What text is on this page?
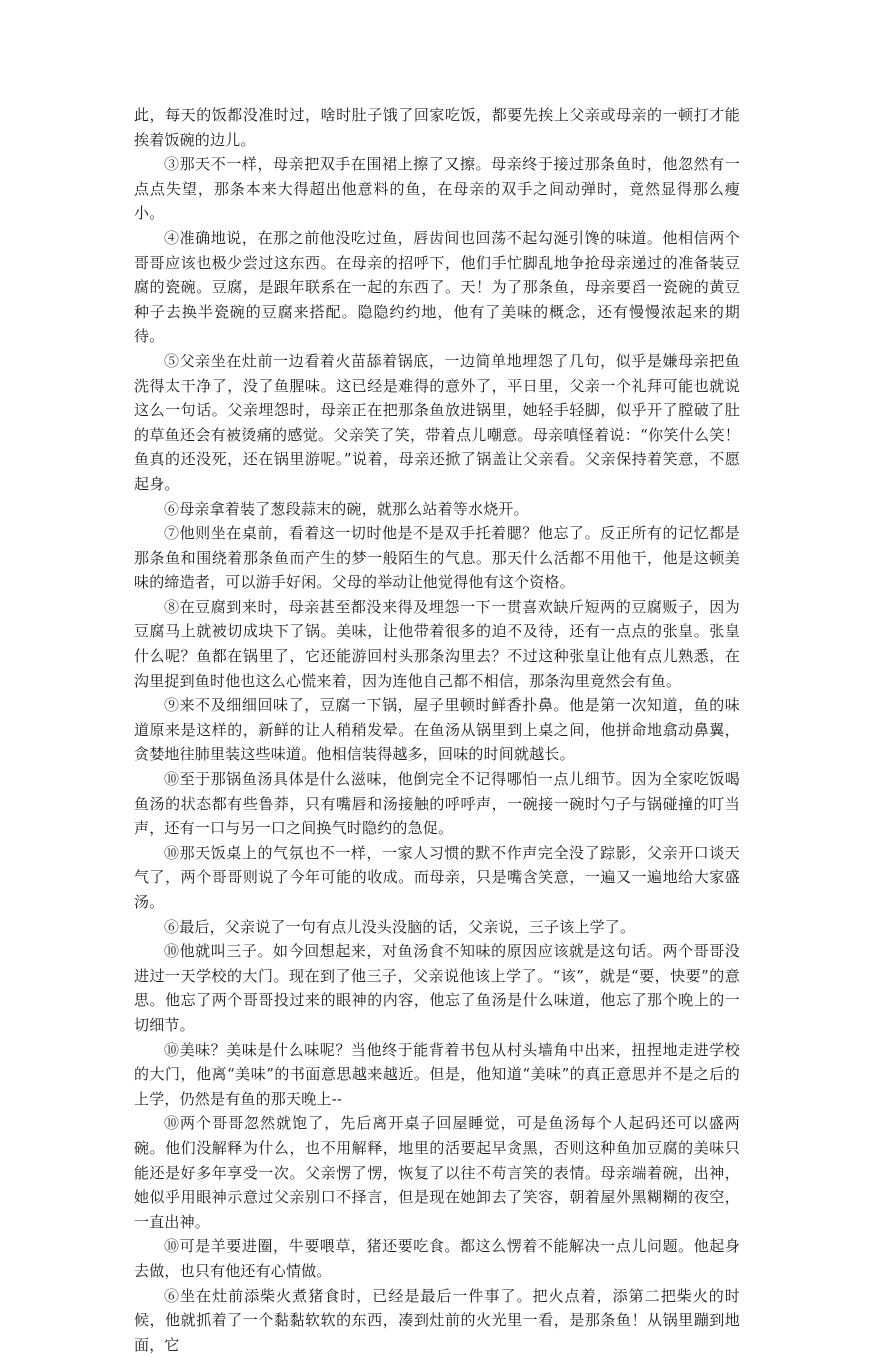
此，每天的饭都没准时过，啥时肚子饿了回家吃饭，都要先挨上父亲或母亲的一顿打才能挨着饭碗的边儿。

③那天不一样，母亲把双手在围裙上擦了又擦。母亲终于接过那条鱼时，他忽然有一点点失望，那条本来大得超出他意料的鱼，在母亲的双手之间动弹时，竟然显得那么瘦小。

④准确地说，在那之前他没吃过鱼，唇齿间也回荡不起勾涎引馋的味道。他相信两个哥哥应该也极少尝过这东西。在母亲的招呼下，他们手忙脚乱地争抢母亲递过的准备装豆腐的瓷碗。豆腐，是跟年联系在一起的东西了。天！为了那条鱼，母亲要舀一瓷碗的黄豆种子去换半瓷碗的豆腐来搭配。隐隐约约地，他有了美味的概念，还有慢慢浓起来的期待。

⑤父亲坐在灶前一边看着火苗舔着锅底，一边简单地埋怨了几句，似乎是嫌母亲把鱼洗得太干净了，没了鱼腥味。这已经是难得的意外了，平日里，父亲一个礼拜可能也就说这么一句话。父亲埋怨时，母亲正在把那条鱼放进锅里，她轻手轻脚，似乎开了膛破了肚的草鱼还会有被烫痛的感觉。父亲笑了笑，带着点儿嘲意。母亲嗔怪着说：“你笑什么笑！鱼真的还没死，还在锅里游呢。”说着，母亲还掀了锅盖让父亲看。父亲保持着笑意，不愿起身。

⑥母亲拿着装了葱段蒜末的碗，就那么站着等水烧开。

⑦他则坐在桌前，看着这一切时他是不是双手托着腮？他忘了。反正所有的记忆都是那条鱼和围绕着那条鱼而产生的梦一般陌生的气息。那天什么活都不用他干，他是这顿美味的缔造者，可以游手好闲。父母的举动让他觉得他有这个资格。

⑧在豆腐到来时，母亲甚至都没来得及埋怨一下一贯喜欢缺斤短两的豆腐贩子，因为豆腐马上就被切成块下了锅。美味，让他带着很多的迫不及待，还有一点点的张皇。张皇什么呢？鱼都在锅里了，它还能游回村头那条沟里去？不过这种张皇让他有点儿熟悉，在沟里捉到鱼时他也这么心慌来着，因为连他自己都不相信，那条沟里竟然会有鱼。

⑨来不及细细回味了，豆腐一下锅，屋子里顿时鲜香扑鼻。他是第一次知道，鱼的味道原来是这样的，新鲜的让人稍稍发晕。在鱼汤从锅里到上桌之间，他拼命地翕动鼻翼，贪婪地往肺里装这些味道。他相信装得越多，回味的时间就越长。

⑩至于那锅鱼汤具体是什么滋味，他倒完全不记得哪怕一点儿细节。因为全家吃饭喝鱼汤的状态都有些鲁莽，只有嘴唇和汤接触的呼呼声，一碗接一碗时勺子与锅碰撞的叮当声，还有一口与另一口之间换气时隐约的急促。

⑩那天饭桌上的气氛也不一样，一家人习惯的默不作声完全没了踪影，父亲开口谈天气了，两个哥哥则说了今年可能的收成。而母亲，只是嘴含笑意，一遍又一遍地给大家盛汤。

⑥最后，父亲说了一句有点儿没头没脑的话，父亲说，三子该上学了。

⑩他就叫三子。如今回想起来，对鱼汤食不知味的原因应该就是这句话。两个哥哥没进过一天学校的大门。现在到了他三子，父亲说他该上学了。“该”，就是“要，快要”的意思。他忘了两个哥哥投过来的眼神的内容，他忘了鱼汤是什么味道，他忘了那个晚上的一切细节。

⑩美味？美味是什么味呢？当他终于能背着书包从村头墙角中出来，扭捏地走进学校的大门，他离“美味”的书面意思越来越近。但是，他知道“美味”的真正意思并不是之后的上学，仍然是有鱼的那天晚上--

⑩两个哥哥忽然就饱了，先后离开桌子回屋睡觉，可是鱼汤每个人起码还可以盛两碗。他们没解释为什么，也不用解释，地里的活要起早贪黑，否则这种鱼加豆腐的美味只能还是好多年享受一次。父亲愣了愣，恢复了以往不苟言笑的表情。母亲端着碗，出神，她似乎用眼神示意过父亲别口不择言，但是现在她卸去了笑容，朝着屋外黑糊糊的夜空，一直出神。

⑩可是羊要进圈，牛要喂草，猪还要吃食。都这么愣着不能解决一点儿问题。他起身去做，也只有他还有心情做。

⑥坐在灶前添柴火煮猪食时，已经是最后一件事了。把火点着，添第二把柴火的时候，他就抓着了一个黏黏软软的东西，凑到灶前的火光里一看，是那条鱼！从锅里蹦到地面，它
